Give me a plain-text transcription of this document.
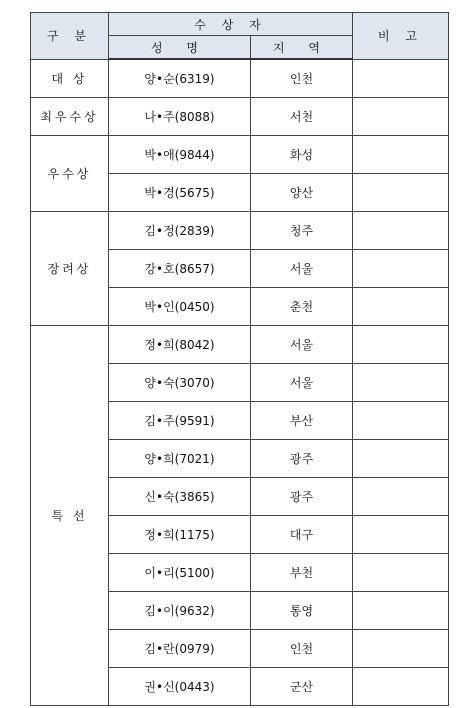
구 분	수 상 자		비 고
	성 명	지 역	
대 상	양•순(6319)	인천	
최우수상	나•주(8088)	서천	
우수상	박•애(9844)	화성	
	박•경(5675)	양산	
장려상	김•정(2839)	청주	
	강•호(8657)	서울	
	박•인(0450)	춘천	
특 선	정•희(8042)	서울	
	양•숙(3070)	서울	
	김•주(9591)	부산	
	양•희(7021)	광주	
	신•숙(3865)	광주	
	정•희(1175)	대구	
	이•리(5100)	부천	
	김•이(9632)	통영	
	김•란(0979)	인천	
	권•신(0443)	군산	
